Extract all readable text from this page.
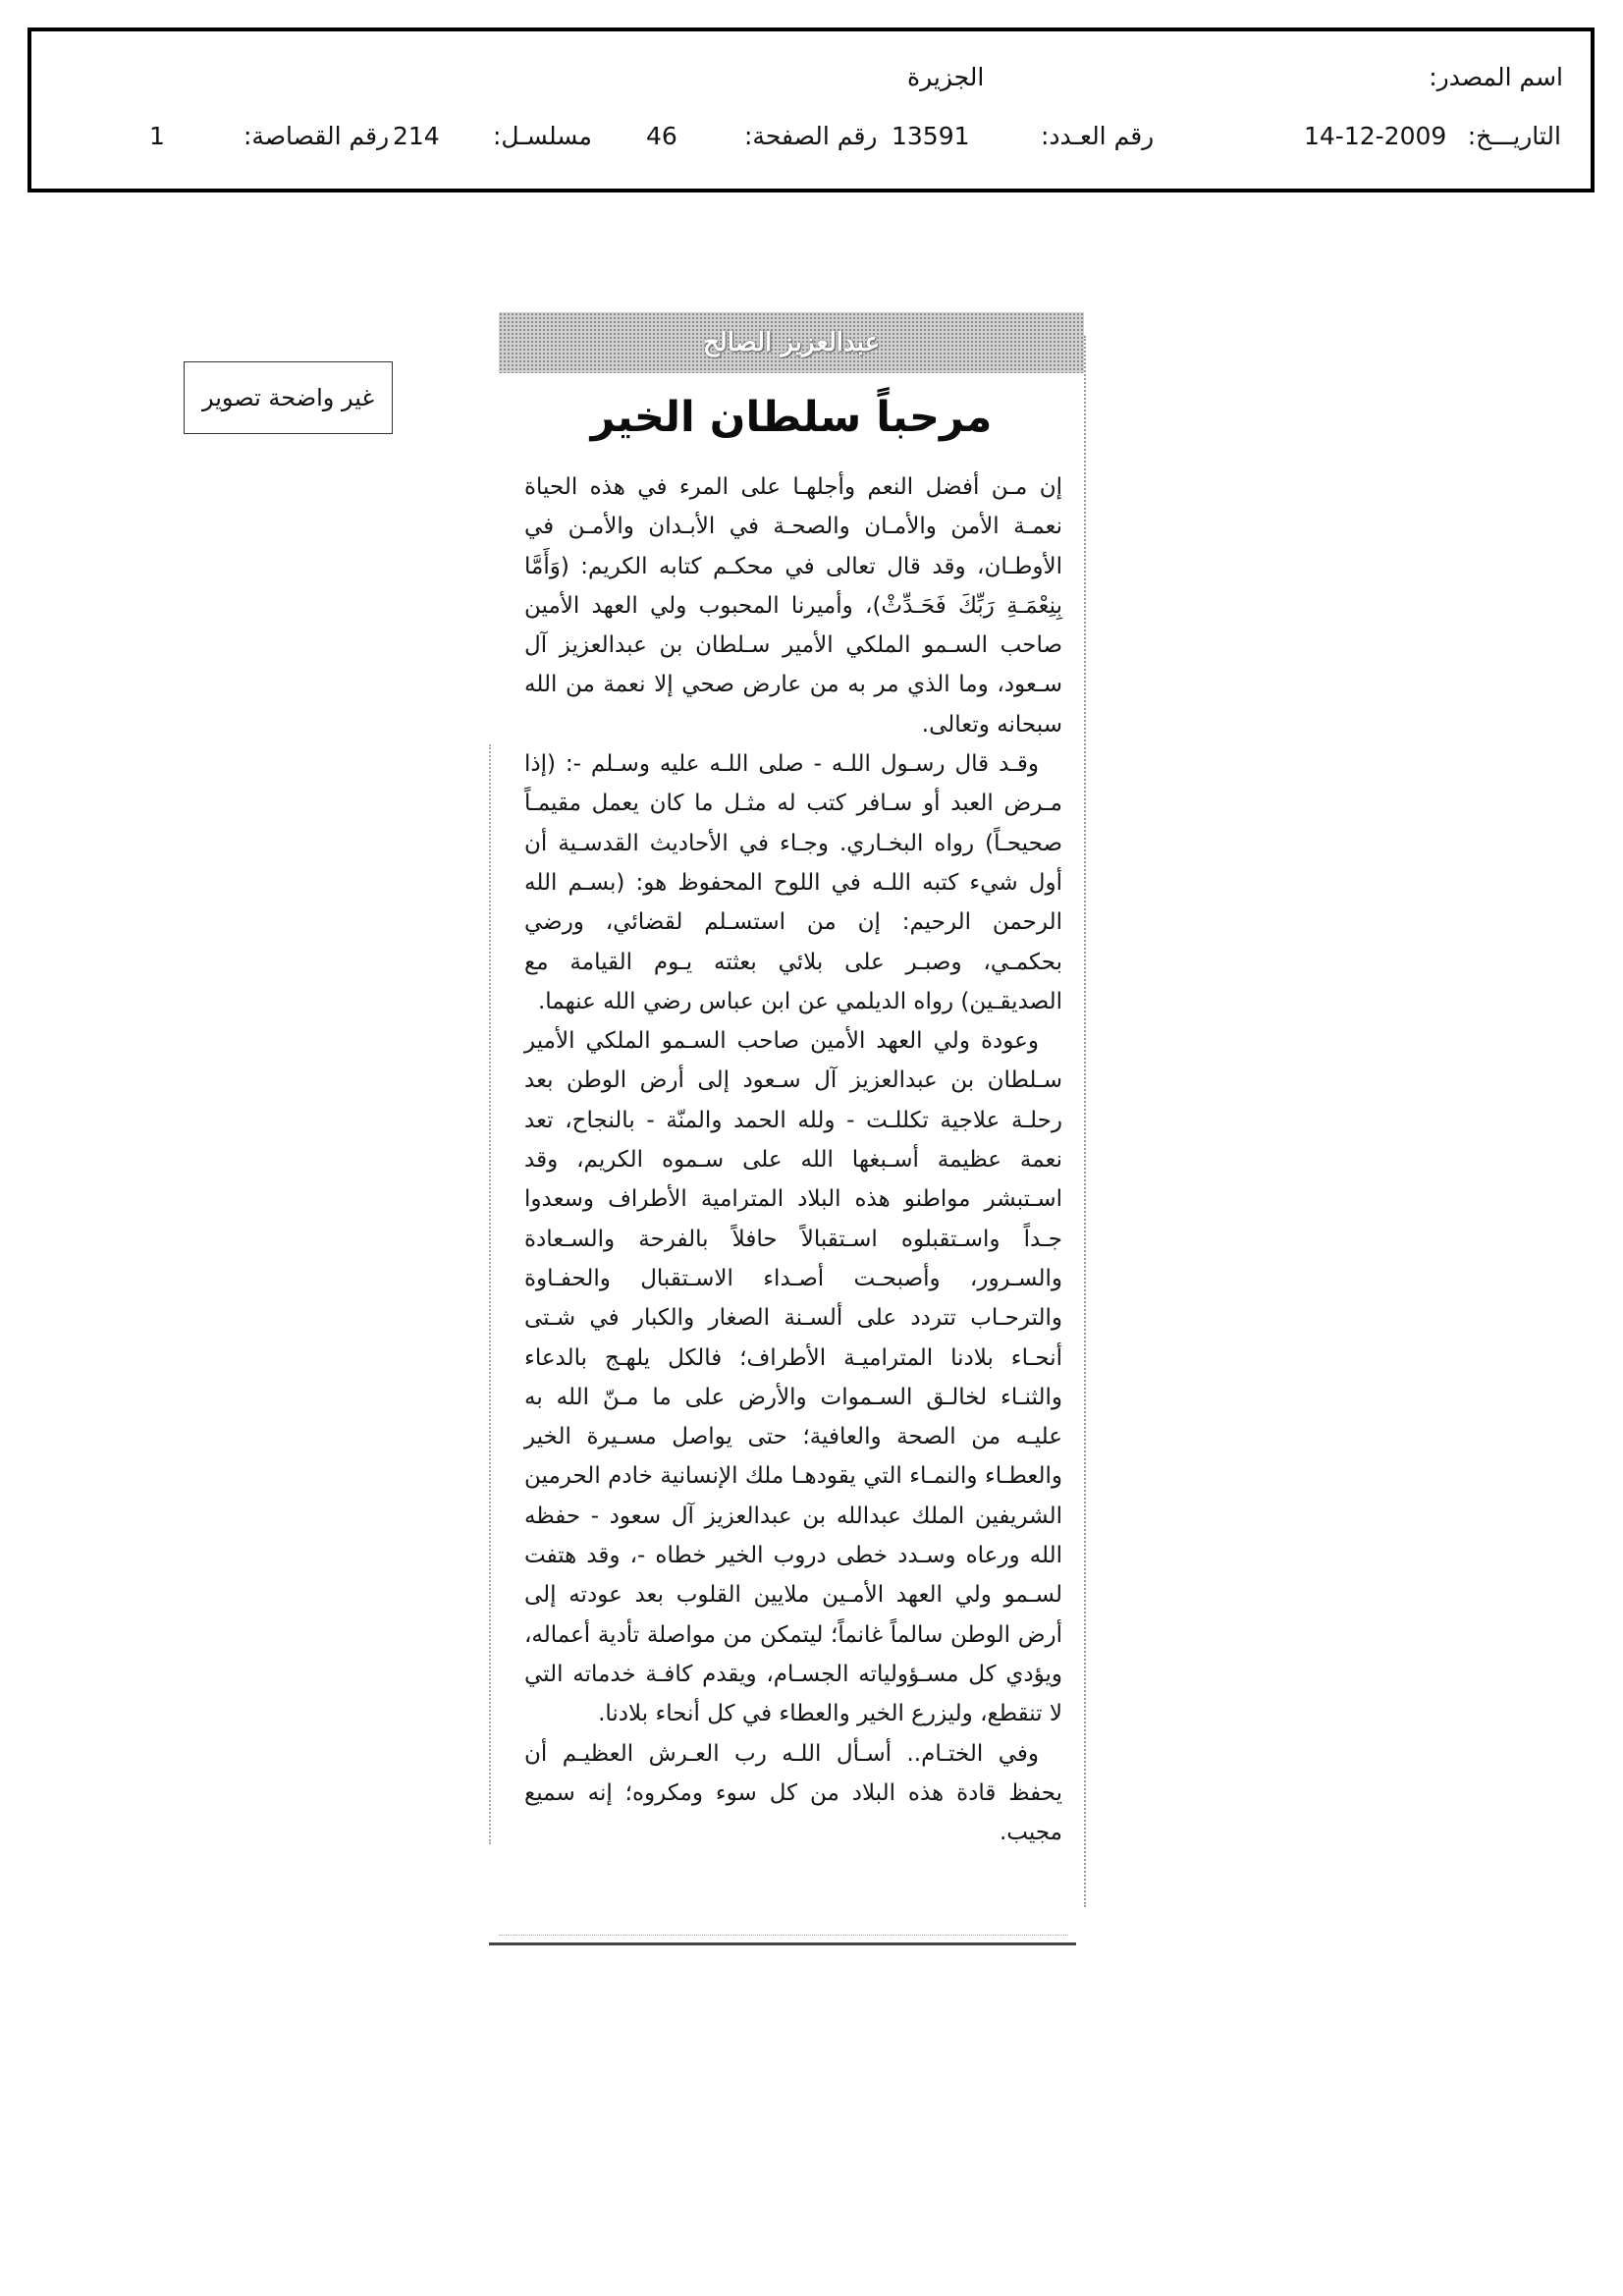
اسم المصدر:
الجزيرة
التاريـــخ:
14-12-2009
رقم العـدد:
13591
رقم الصفحة:
46
مسلسـل:
214
رقم القصاصة:
1
غير واضحة تصوير
عبدالعزيز الصالح
مرحباً سلطان الخير

إن مـن أفضل النعم وأجلهـا على المرء في هذه الحياة نعمـة الأمن والأمـان والصحـة في الأبـدان والأمـن في الأوطـان، وقد قال تعالى في محكـم كتابه الكريم: (وَأَمَّا بِنِعْمَـةِ رَبِّكَ فَحَـدِّثْ)، وأميرنا المحبوب ولي العهد الأمين صاحب السـمو الملكي الأمير سـلطان بن عبدالعزيز آل سـعود، وما الذي مر به من عارض صحي إلا نعمة من الله سبحانه وتعالى.

وقـد قال رسـول اللـه - صلى اللـه عليه وسـلم -: (إذا مـرض العبد أو سـافر كتب له مثـل ما كان يعمل مقيمـاً صحيحـاً) رواه البخـاري. وجـاء في الأحاديث القدسـية أن أول شيء كتبه اللـه في اللوح المحفوظ هو: (بسـم الله الرحمن الرحيم: إن من استسـلم لقضائي، ورضي بحكمـي، وصبـر على بلائي بعثته يـوم القيامة مع الصديقـين) رواه الديلمي عن ابن عباس رضي الله عنهما.

وعودة ولي العهد الأمين صاحب السـمو الملكي الأمير سـلطان بن عبدالعزيز آل سـعود إلى أرض الوطن بعد رحلـة علاجية تكللـت - ولله الحمد والمنّة - بالنجاح، تعد نعمة عظيمة أسـبغها الله على سـموه الكريم، وقد اسـتبشر مواطنو هذه البلاد المترامية الأطراف وسعدوا جـداً واسـتقبلوه اسـتقبالاً حافلاً بالفرحة والسـعادة والسـرور، وأصبحـت أصـداء الاسـتقبال والحفـاوة والترحـاب تتردد على ألسـنة الصغار والكبار في شـتى أنحـاء بلادنا المتراميـة الأطراف؛ فالكل يلهـج بالدعاء والثنـاء لخالـق السـموات والأرض على ما مـنّ الله به عليـه من الصحة والعافية؛ حتى يواصل مسـيرة الخير والعطـاء والنمـاء التي يقودهـا ملك الإنسانية خادم الحرمين الشريفين الملك عبدالله بن عبدالعزيز آل سعود - حفظه الله ورعاه وسـدد خطى دروب الخير خطاه -، وقد هتفت لسـمو ولي العهد الأمـين ملايين القلوب بعد عودته إلى أرض الوطن سالماً غانماً؛ ليتمكن من مواصلة تأدية أعماله، ويؤدي كل مسـؤولياته الجسـام، ويقدم كافـة خدماته التي لا تنقطع، وليزرع الخير والعطاء في كل أنحاء بلادنا.

وفي الختـام.. أسـأل اللـه رب العـرش العظيـم أن يحفظ قادة هذه البلاد من كل سوء ومكروه؛ إنه سميع مجيب.
